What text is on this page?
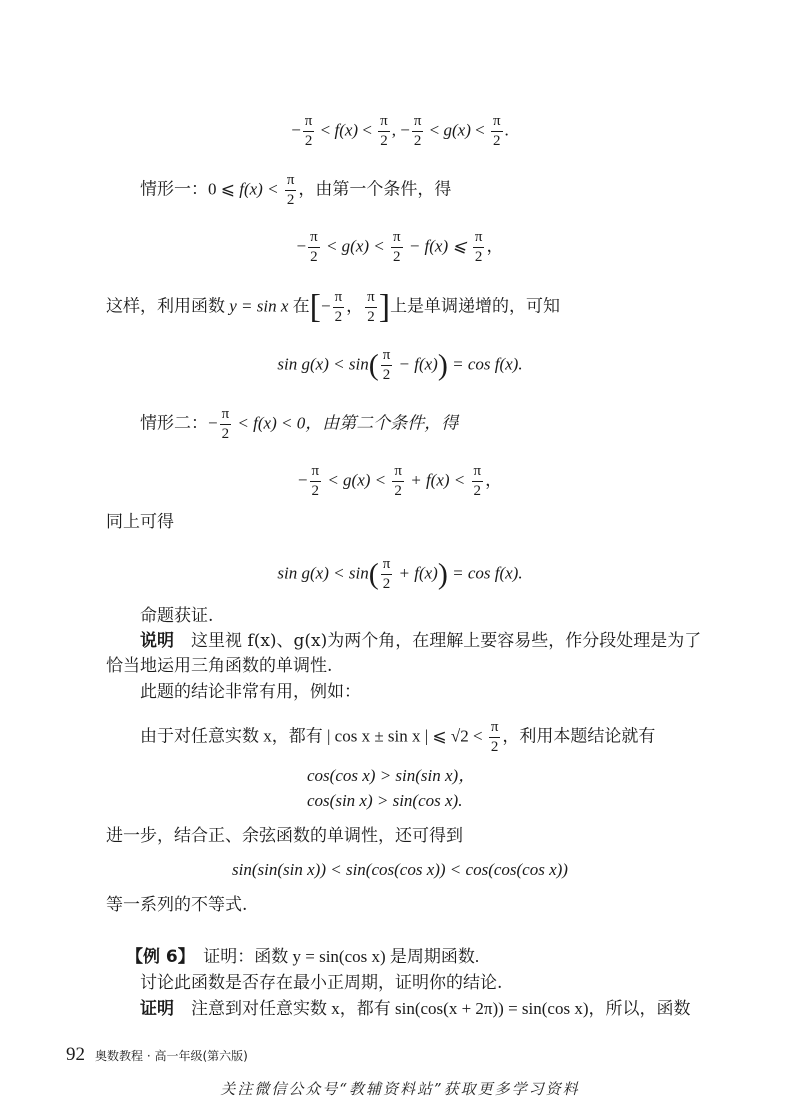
− $\frac{\pi}{2} < f(x) < \frac{\pi}{2}$ , − $\frac{\pi}{2} < g(x) < \frac{\pi}{2}$ .
情形一：0 ⩽ $f(x) < \frac{\pi}{2}$ ，由第一个条件，得
− $\frac{\pi}{2} < g(x) < \frac{\pi}{2} - f(x)$ ⩽ $\frac{\pi}{2}$ ，
这样，利用函数 y = sin x 在[− $\frac{\pi}{2}$ ， $\frac{\pi}{2}$ ]上是单调递增的，可知
$\sin g(x) < \sin( \frac{\pi}{2} - f(x)) = \cos f(x)$.
情形二：− $\frac{\pi}{2} < f(x) < 0$，由第二个条件，得
− $\frac{\pi}{2} < g(x) < \frac{\pi}{2} + f(x) < \frac{\pi}{2}$ ，
同上可得
$\sin g(x) < \sin( \frac{\pi}{2} + f(x)) = \cos f(x)$.
命题获证.
说明　这里视 f(x)、g(x)为两个角，在理解上要容易些，作分段处理是为了
恰当地运用三角函数的单调性.
此题的结论非常有用，例如：
由于对任意实数 x，都有 | cos x ± sin x | ⩽ $√2 < \frac{\pi}{2}$ ，利用本题结论就有
cos(cos x) > sin(sin x)，
cos(sin x) > sin(cos x).
进一步，结合正、余弦函数的单调性，还可得到
sin(sin(sin x)) < sin(cos(cos x)) < cos(cos(cos x))
等一系列的不等式.
【例 6】　证明：函数 y = sin(cos x) 是周期函数.
讨论此函数是否存在最小正周期，证明你的结论.
证明　注意到对任意实数 x，都有 sin(cos(x + 2π)) = sin(cos x)，所以，函数
92 奥数教程 · 高一年级(第六版)
关注微信公众号“教辅资料站”获取更多学习资料
